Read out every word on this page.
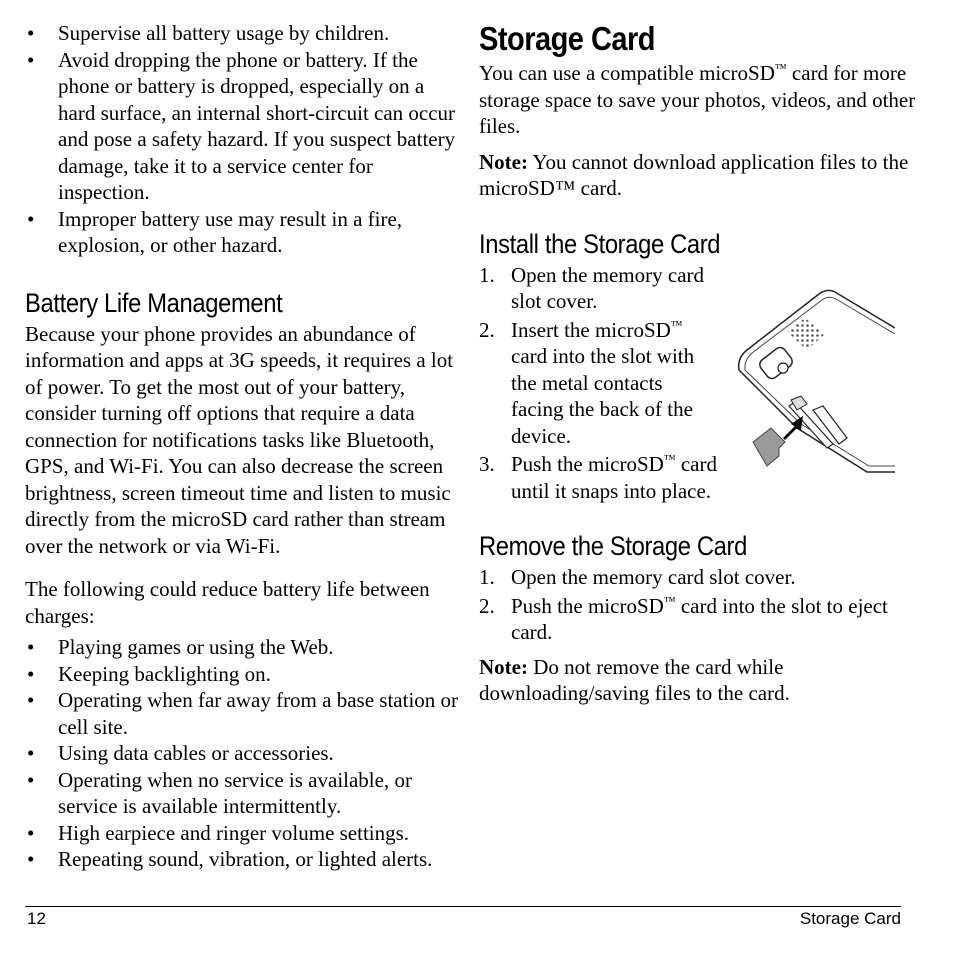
• Supervise all battery usage by children.
• Avoid dropping the phone or battery. If the phone or battery is dropped, especially on a hard surface, an internal short-circuit can occur and pose a safety hazard. If you suspect battery damage, take it to a service center for inspection.
• Improper battery use may result in a fire, explosion, or other hazard.
Battery Life Management

Because your phone provides an abundance of information and apps at 3G speeds, it requires a lot of power. To get the most out of your battery, consider turning off options that require a data connection for notifications tasks like Bluetooth, GPS, and Wi-Fi. You can also decrease the screen brightness, screen timeout time and listen to music directly from the microSD card rather than stream over the network or via Wi-Fi.

The following could reduce battery life between charges:

• Playing games or using the Web.
• Keeping backlighting on.
• Operating when far away from a base station or cell site.
• Using data cables or accessories.
• Operating when no service is available, or service is available intermittently.
• High earpiece and ringer volume settings.
• Repeating sound, vibration, or lighted alerts.
Storage Card

You can use a compatible microSD™ card for more storage space to save your photos, videos, and other files.

Note: You cannot download application files to the microSD™ card.

Install the Storage Card
1. Open the memory card slot cover.
2. Insert the microSD™ card into the slot with the metal contacts facing the back of the device.
3. Push the microSD™ card until it snaps into place.
Remove the Storage Card
1. Open the memory card slot cover.
2. Push the microSD™ card into the slot to eject card.

Note: Do not remove the card while downloading/saving files to the card.

12	Storage Card
